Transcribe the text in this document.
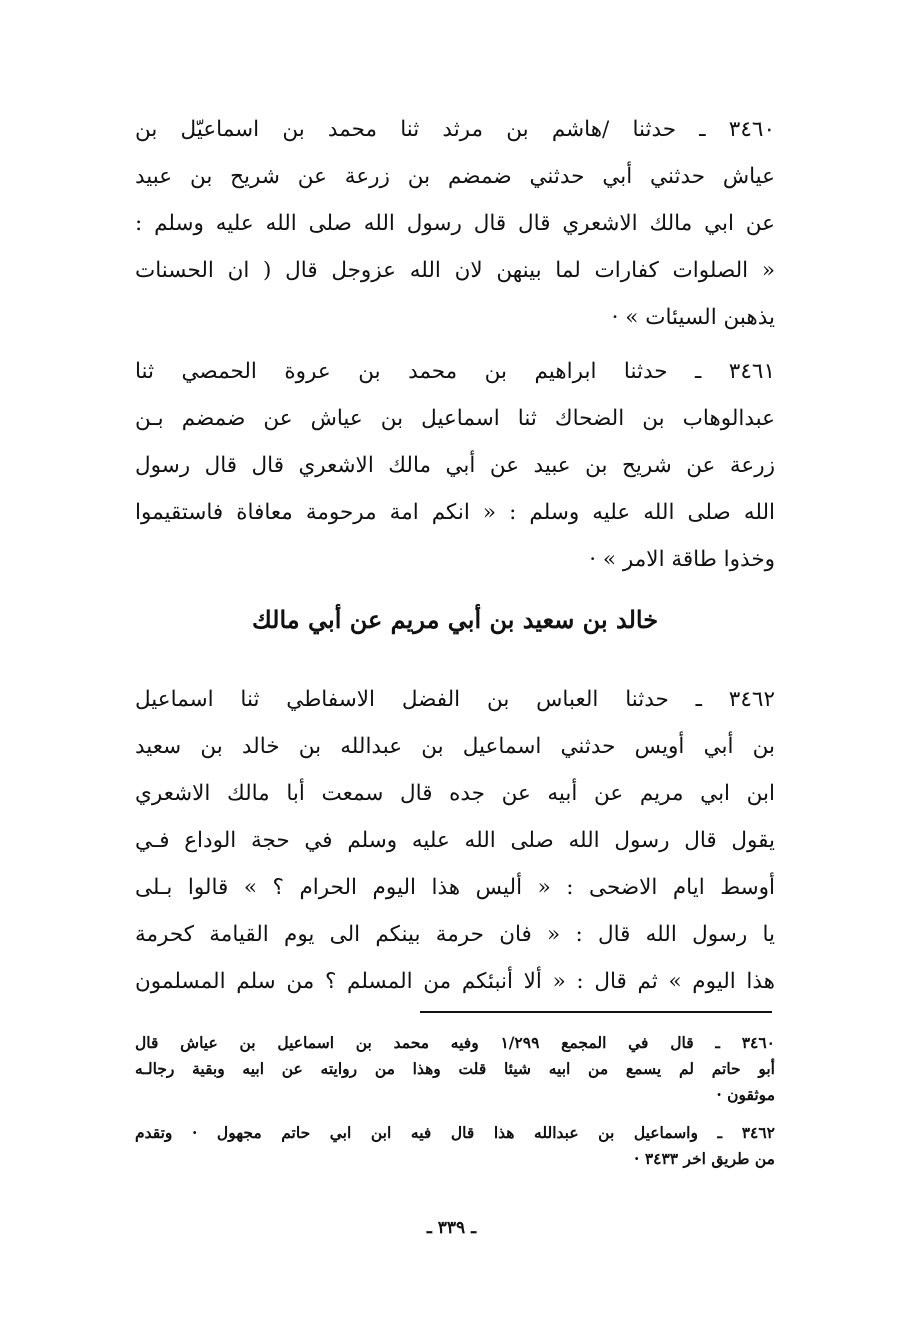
٣٤٦٠ ـ حدثنا /هاشم بن مرثد ثنا محمد بن اسماعيّل بن
عياش حدثني أبي حدثني ضمضم بن زرعة عن شريح بن عبيد
عن ابي مالك الاشعري قال قال رسول الله صلى الله عليه وسلم :
« الصلوات كفارات لما بينهن لان الله عزوجل قال ( ان الحسنات
يذهبن السيئات » ·
٣٤٦١ ـ حدثنا ابراهيم بن محمد بن عروة الحمصي ثنا
عبدالوهاب بن الضحاك ثنا اسماعيل بن عياش عن ضمضم بـن
زرعة عن شريح بن عبيد عن أبي مالك الاشعري قال قال رسول
الله صلى الله عليه وسلم : « انكم امة مرحومة معافاة فاستقيموا
وخذوا طاقة الامر » ·
خالد بن سعيد بن أبي مريم عن أبي مالك
٣٤٦٢ ـ حدثنا العباس بن الفضل الاسفاطي ثنا اسماعيل
بن أبي أويس حدثني اسماعيل بن عبدالله بن خالد بن سعيد
ابن ابي مريم عن أبيه عن جده قال سمعت أبا مالك الاشعري
يقول قال رسول الله صلى الله عليه وسلم في حجة الوداع فـي
أوسط ايام الاضحى : « أليس هذا اليوم الحرام ؟ » قالوا بـلى
يا رسول الله قال : « فان حرمة بينكم الى يوم القيامة كحرمة
هذا اليوم » ثم قال : « ألا أنبئكم من المسلم ؟ من سلم المسلمون
٣٤٦٠ ـ قال في المجمع ١/٢٩٩ وفيه محمد بن اسماعيل بن عياش قال
أبو حاتم لم يسمع من ابيه شيئا قلت وهذا من روايته عن ابيه وبقية رجالـه
موثقون ·
٣٤٦٢ ـ واسماعيل بن عبدالله هذا قال فيه ابن ابي حاتم مجهول · وتقدم
من طريق اخر ٣٤٣٣ ·
ـ ٣٣٩ ـ
